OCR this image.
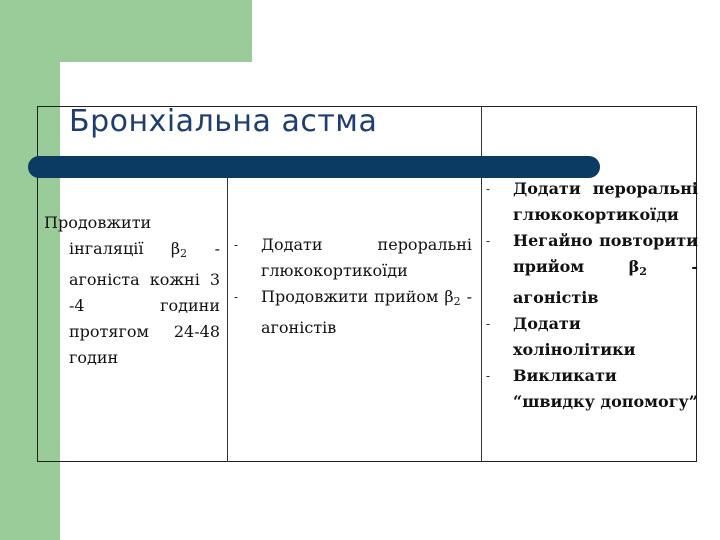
Бронхіальна астма
Продовжити
інгаляції $\beta_2$ -
агоніста кожні 3 -4 години протягом 24-48 годин
- Додати пероральні глюкокортикоїди
- Продовжити прийом $\beta_2$ - агоністів
- Додати пероральні глюкокортикоїди
- Негайно повторити прийом	$\beta_2$	- агоністів
- Додати холінолітики
- Викликати “швидку допомогу”
